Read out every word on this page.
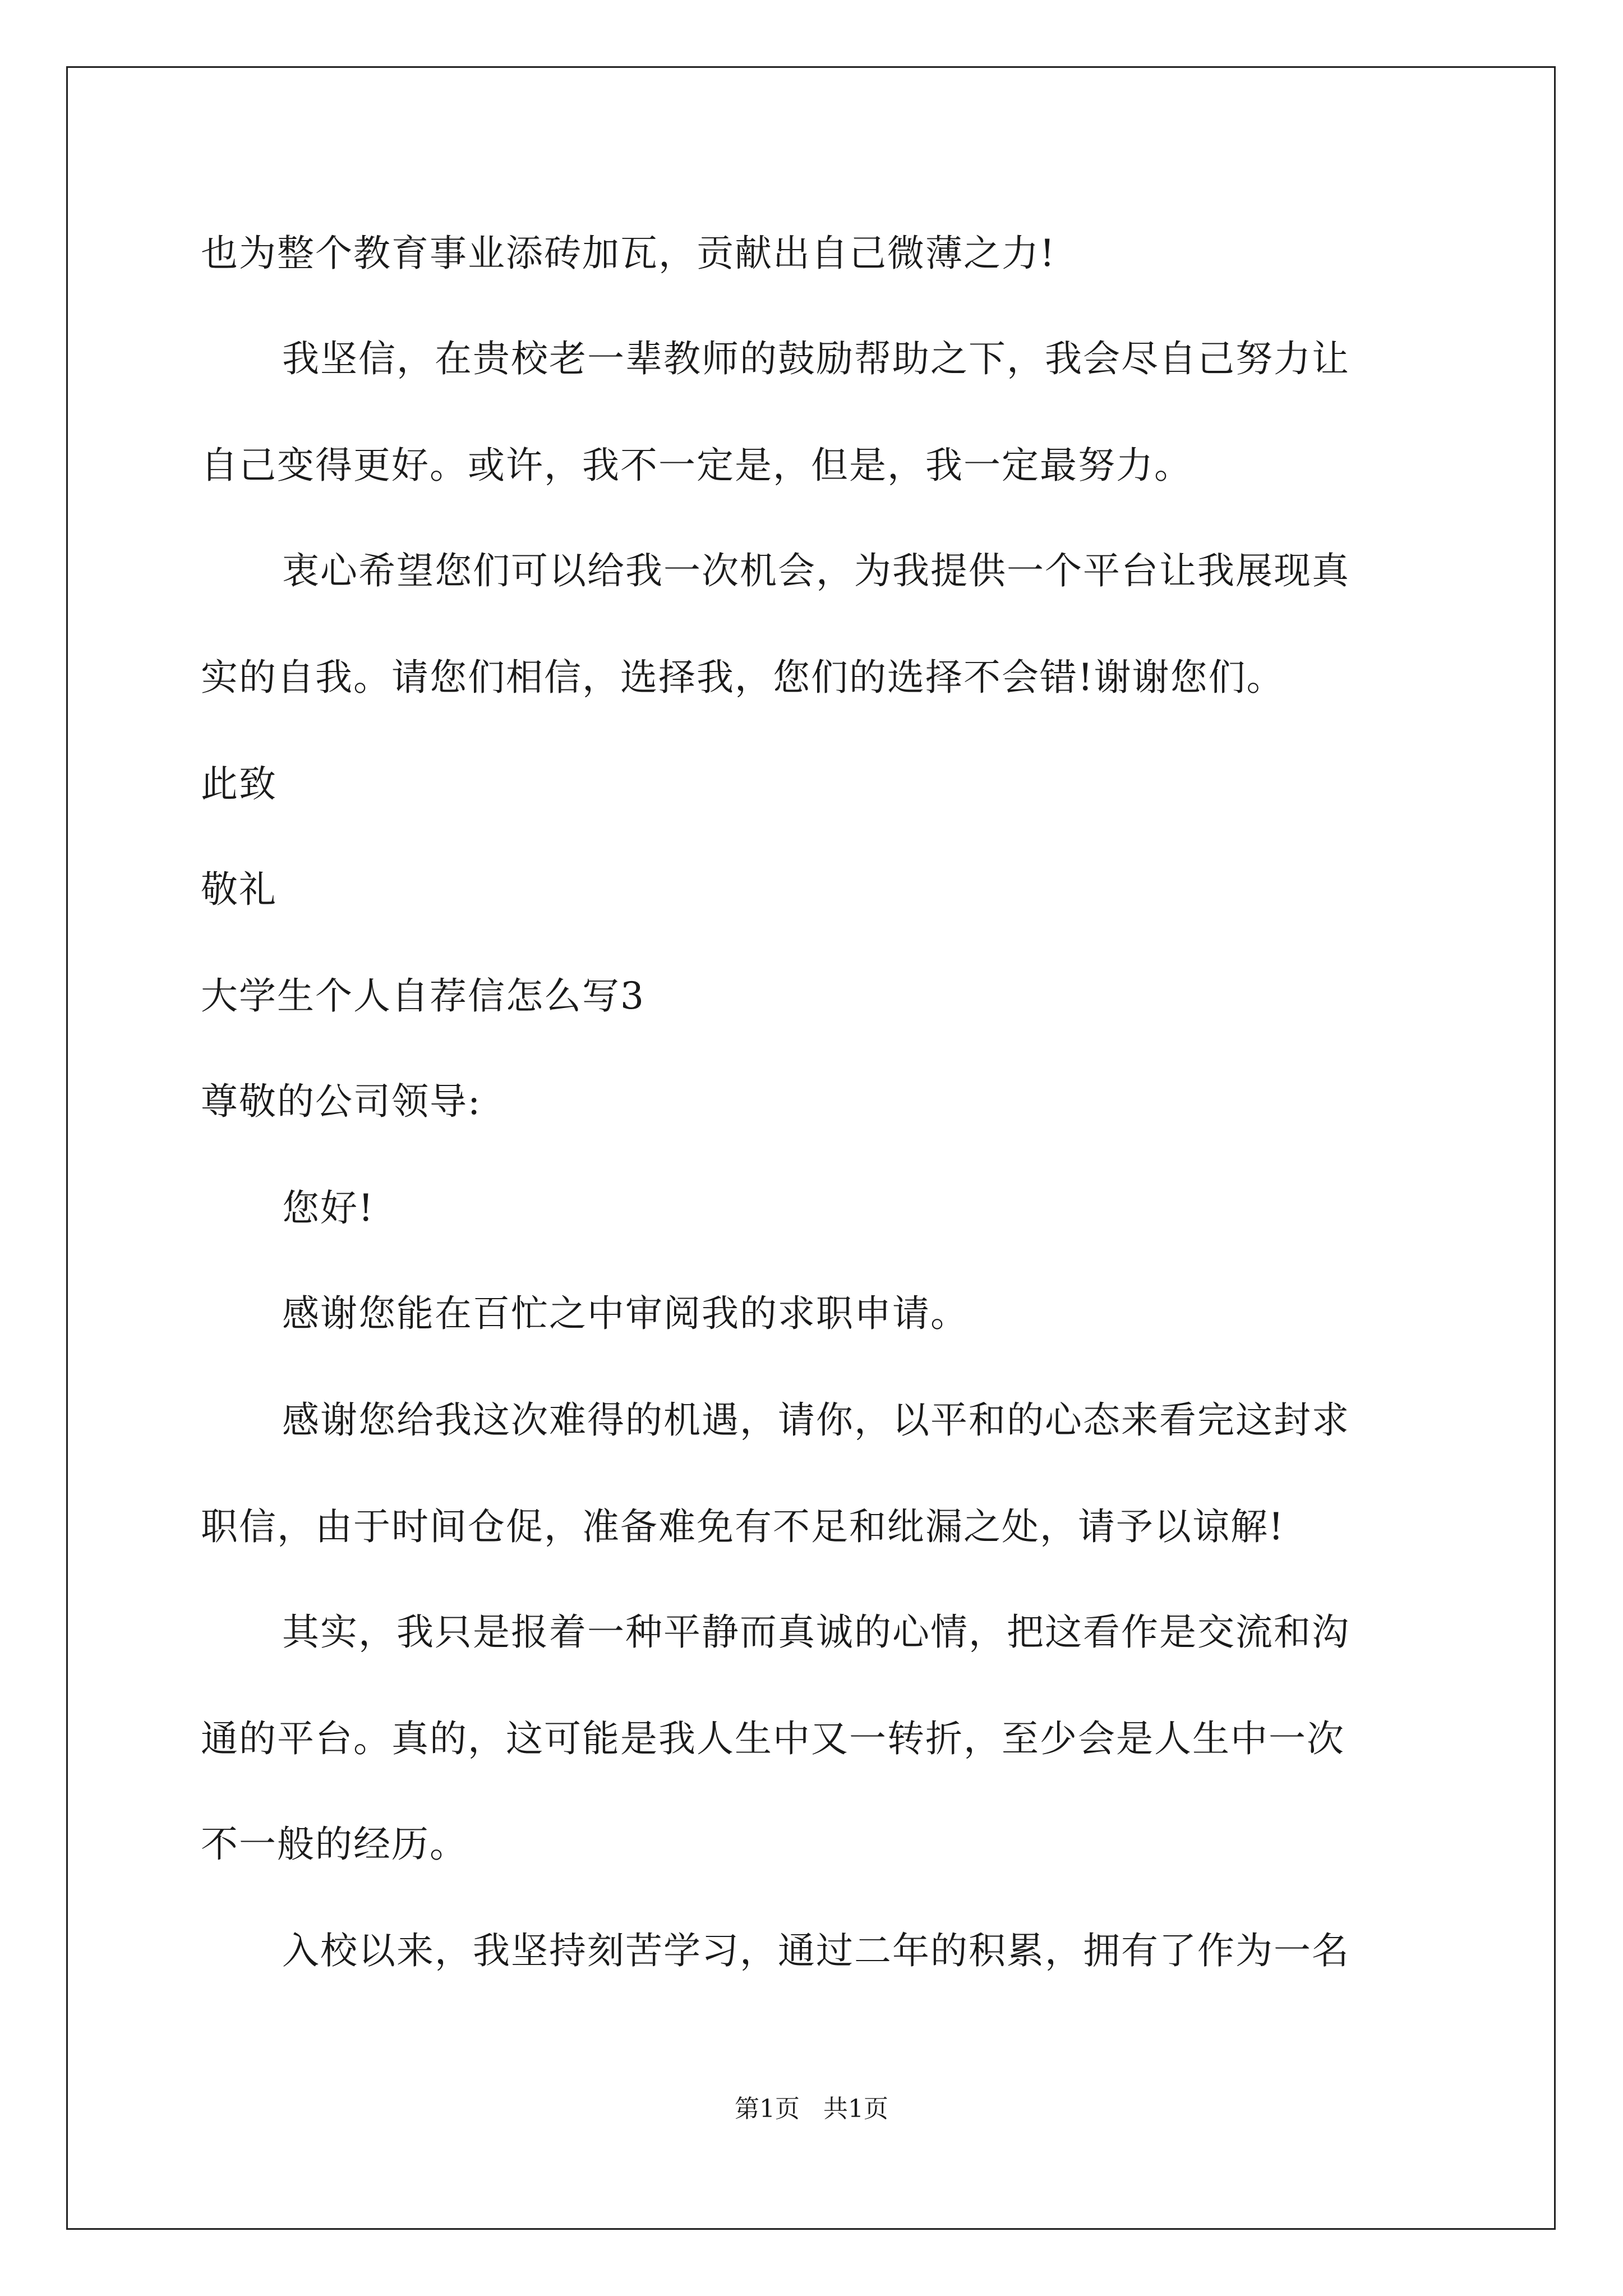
也为整个教育事业添砖加瓦，贡献出自己微薄之力!
我坚信，在贵校老一辈教师的鼓励帮助之下，我会尽自己努力让
自己变得更好。或许，我不一定是，但是，我一定最努力。
衷心希望您们可以给我一次机会，为我提供一个平台让我展现真
实的自我。请您们相信，选择我，您们的选择不会错!谢谢您们。
此致
敬礼
大学生个人自荐信怎么写3
尊敬的公司领导:
您好!
感谢您能在百忙之中审阅我的求职申请。
感谢您给我这次难得的机遇，请你，以平和的心态来看完这封求
职信，由于时间仓促，准备难免有不足和纰漏之处，请予以谅解!
其实，我只是报着一种平静而真诚的心情，把这看作是交流和沟
通的平台。真的，这可能是我人生中又一转折，至少会是人生中一次
不一般的经历。
入校以来，我坚持刻苦学习，通过二年的积累，拥有了作为一名
第1页   共1页
